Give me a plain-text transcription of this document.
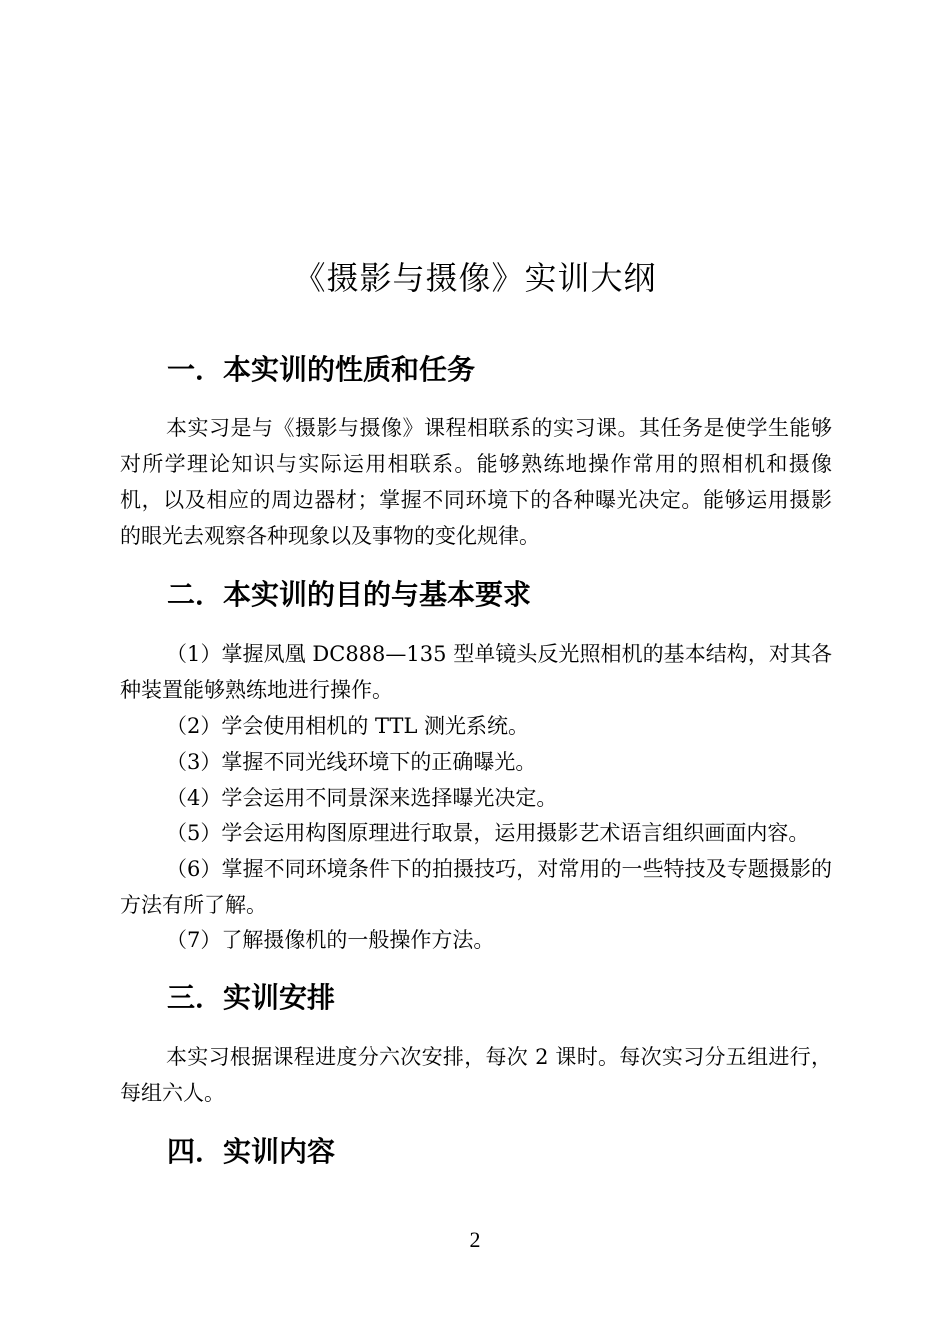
《摄影与摄像》实训大纲
一．本实训的性质和任务

本实习是与《摄影与摄像》课程相联系的实习课。其任务是使学生能够对所学理论知识与实际运用相联系。能够熟练地操作常用的照相机和摄像机，以及相应的周边器材；掌握不同环境下的各种曝光决定。能够运用摄影的眼光去观察各种现象以及事物的变化规律。

二．本实训的目的与基本要求

（1）掌握凤凰 DC888—135 型单镜头反光照相机的基本结构，对其各种装置能够熟练地进行操作。

（2）学会使用相机的 TTL 测光系统。

（3）掌握不同光线环境下的正确曝光。

（4）学会运用不同景深来选择曝光决定。

（5）学会运用构图原理进行取景，运用摄影艺术语言组织画面内容。

（6）掌握不同环境条件下的拍摄技巧，对常用的一些特技及专题摄影的方法有所了解。

（7）了解摄像机的一般操作方法。

三．实训安排

本实习根据课程进度分六次安排，每次 2 课时。每次实习分五组进行，每组六人。

四．实训内容
2
